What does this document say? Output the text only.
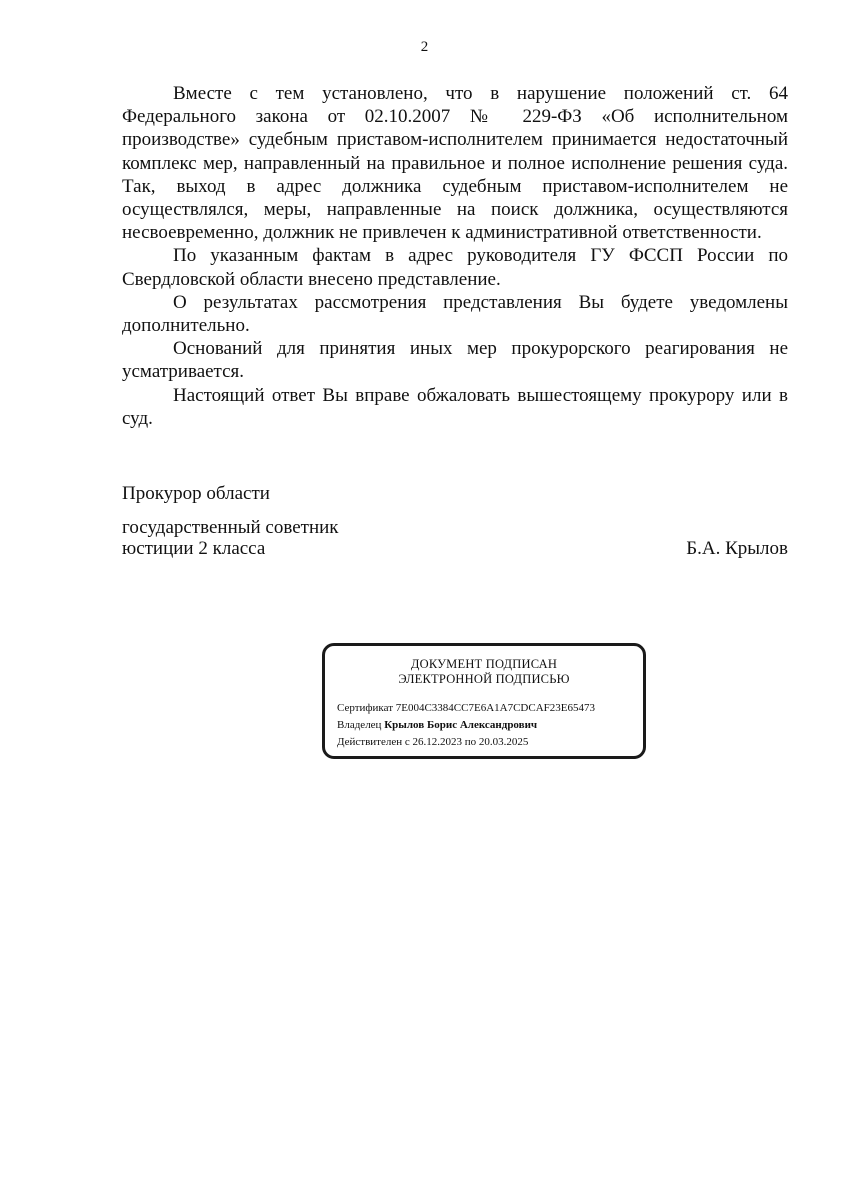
2

Вместе с тем установлено, что в нарушение положений ст. 64 Федерального закона от 02.10.2007 № 229-ФЗ «Об исполнительном производстве» судебным приставом-исполнителем принимается недостаточный комплекс мер, направленный на правильное и полное исполнение решения суда. Так, выход в адрес должника судебным приставом-исполнителем не осуществлялся, меры, направленные на поиск должника, осуществляются несвоевременно, должник не привлечен к административной ответственности.

По указанным фактам в адрес руководителя ГУ ФССП России по Свердловской области внесено представление.

О результатах рассмотрения представления Вы будете уведомлены дополнительно.

Оснований для принятия иных мер прокурорского реагирования не усматривается.

Настоящий ответ Вы вправе обжаловать вышестоящему прокурору или в суд.

Прокурор области
государственный советник
юстиции 2 класса	Б.А. Крылов
ДОКУМЕНТ ПОДПИСАН
ЭЛЕКТРОННОЙ ПОДПИСЬЮ
Сертификат 7E004C3384CC7E6A1A7CDCAF23E65473
Владелец Крылов Борис Александрович
Действителен с 26.12.2023 по 20.03.2025
